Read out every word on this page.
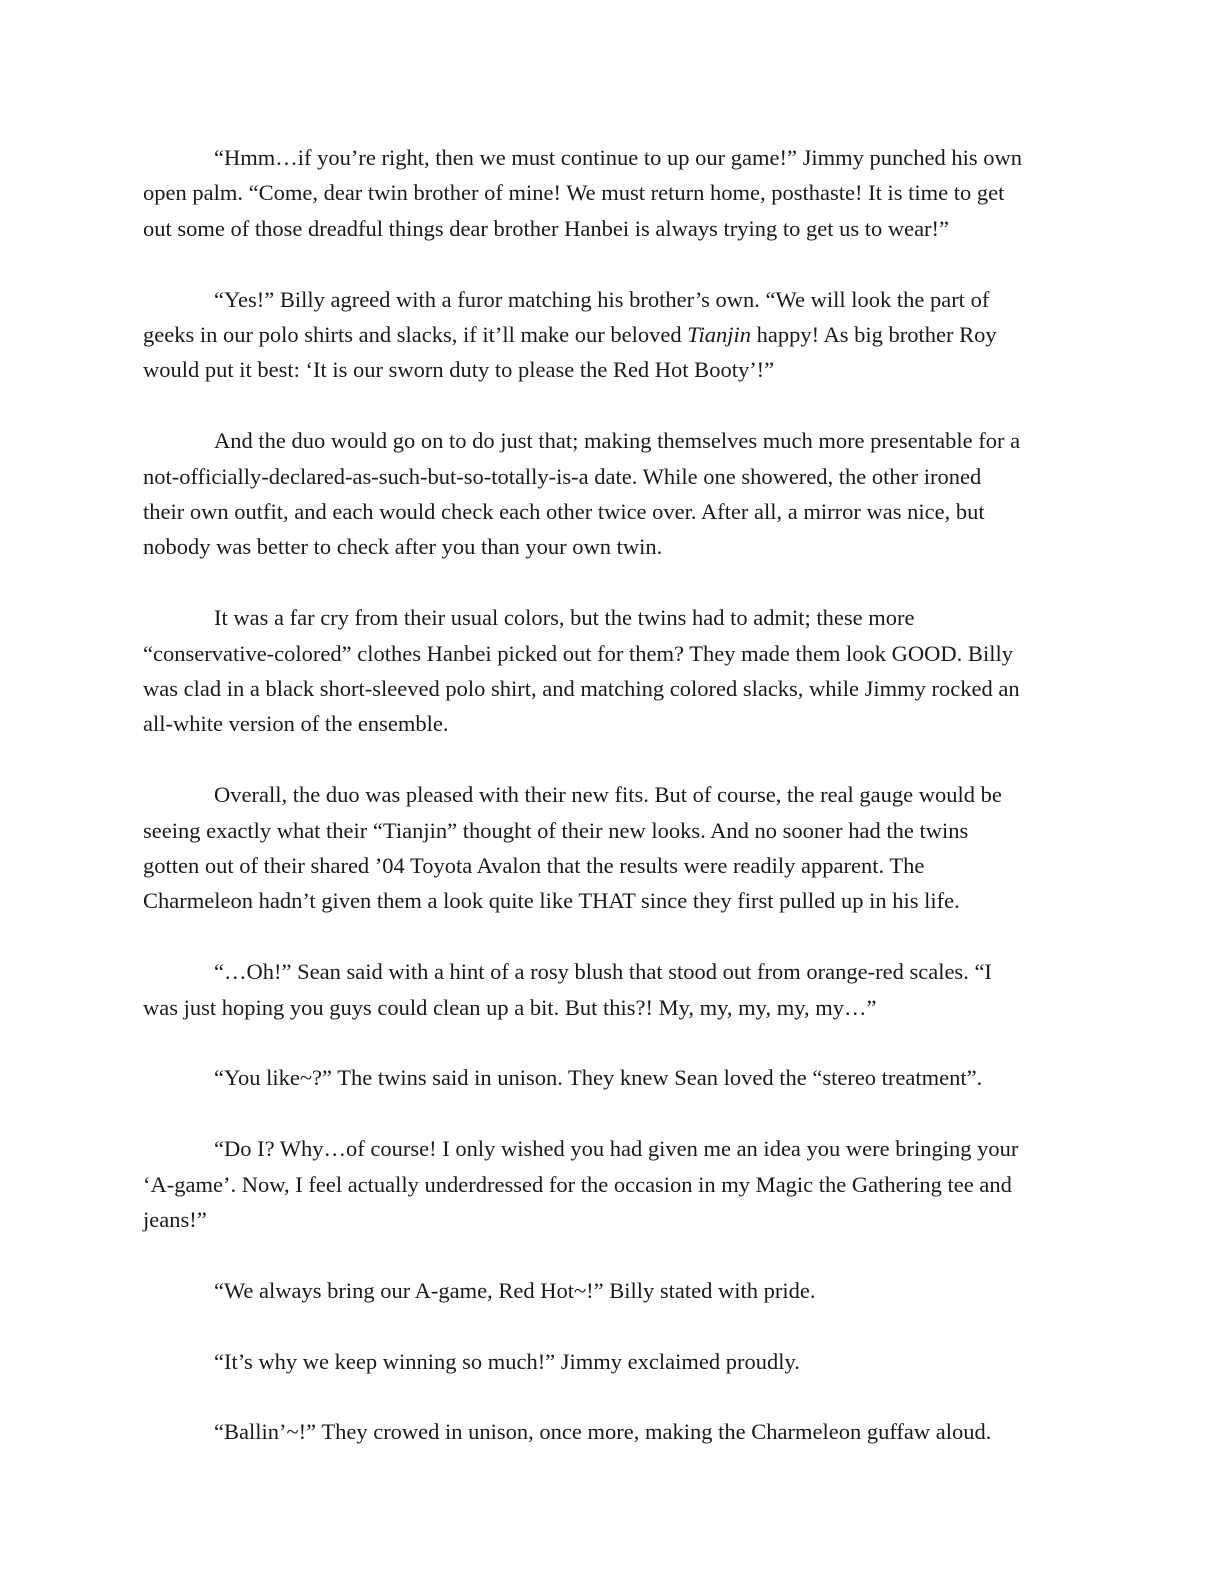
“Hmm…if you’re right, then we must continue to up our game!” Jimmy punched his own
open palm. “Come, dear twin brother of mine! We must return home, posthaste! It is time to get
out some of those dreadful things dear brother Hanbei is always trying to get us to wear!”
“Yes!” Billy agreed with a furor matching his brother’s own. “We will look the part of
geeks in our polo shirts and slacks, if it’ll make our beloved Tianjin happy! As big brother Roy
would put it best: ‘It is our sworn duty to please the Red Hot Booty’!”
And the duo would go on to do just that; making themselves much more presentable for a
not-officially-declared-as-such-but-so-totally-is-a date. While one showered, the other ironed
their own outfit, and each would check each other twice over. After all, a mirror was nice, but
nobody was better to check after you than your own twin.
It was a far cry from their usual colors, but the twins had to admit; these more
“conservative-colored” clothes Hanbei picked out for them? They made them look GOOD. Billy
was clad in a black short-sleeved polo shirt, and matching colored slacks, while Jimmy rocked an
all-white version of the ensemble.
Overall, the duo was pleased with their new fits. But of course, the real gauge would be
seeing exactly what their “Tianjin” thought of their new looks. And no sooner had the twins
gotten out of their shared ’04 Toyota Avalon that the results were readily apparent. The
Charmeleon hadn’t given them a look quite like THAT since they first pulled up in his life.
“…Oh!” Sean said with a hint of a rosy blush that stood out from orange-red scales. “I
was just hoping you guys could clean up a bit. But this?! My, my, my, my, my…”
“You like~?” The twins said in unison. They knew Sean loved the “stereo treatment”.
“Do I? Why…of course! I only wished you had given me an idea you were bringing your
‘A-game’. Now, I feel actually underdressed for the occasion in my Magic the Gathering tee and
jeans!”
“We always bring our A-game, Red Hot~!” Billy stated with pride.
“It’s why we keep winning so much!” Jimmy exclaimed proudly.
“Ballin’~!” They crowed in unison, once more, making the Charmeleon guffaw aloud.
